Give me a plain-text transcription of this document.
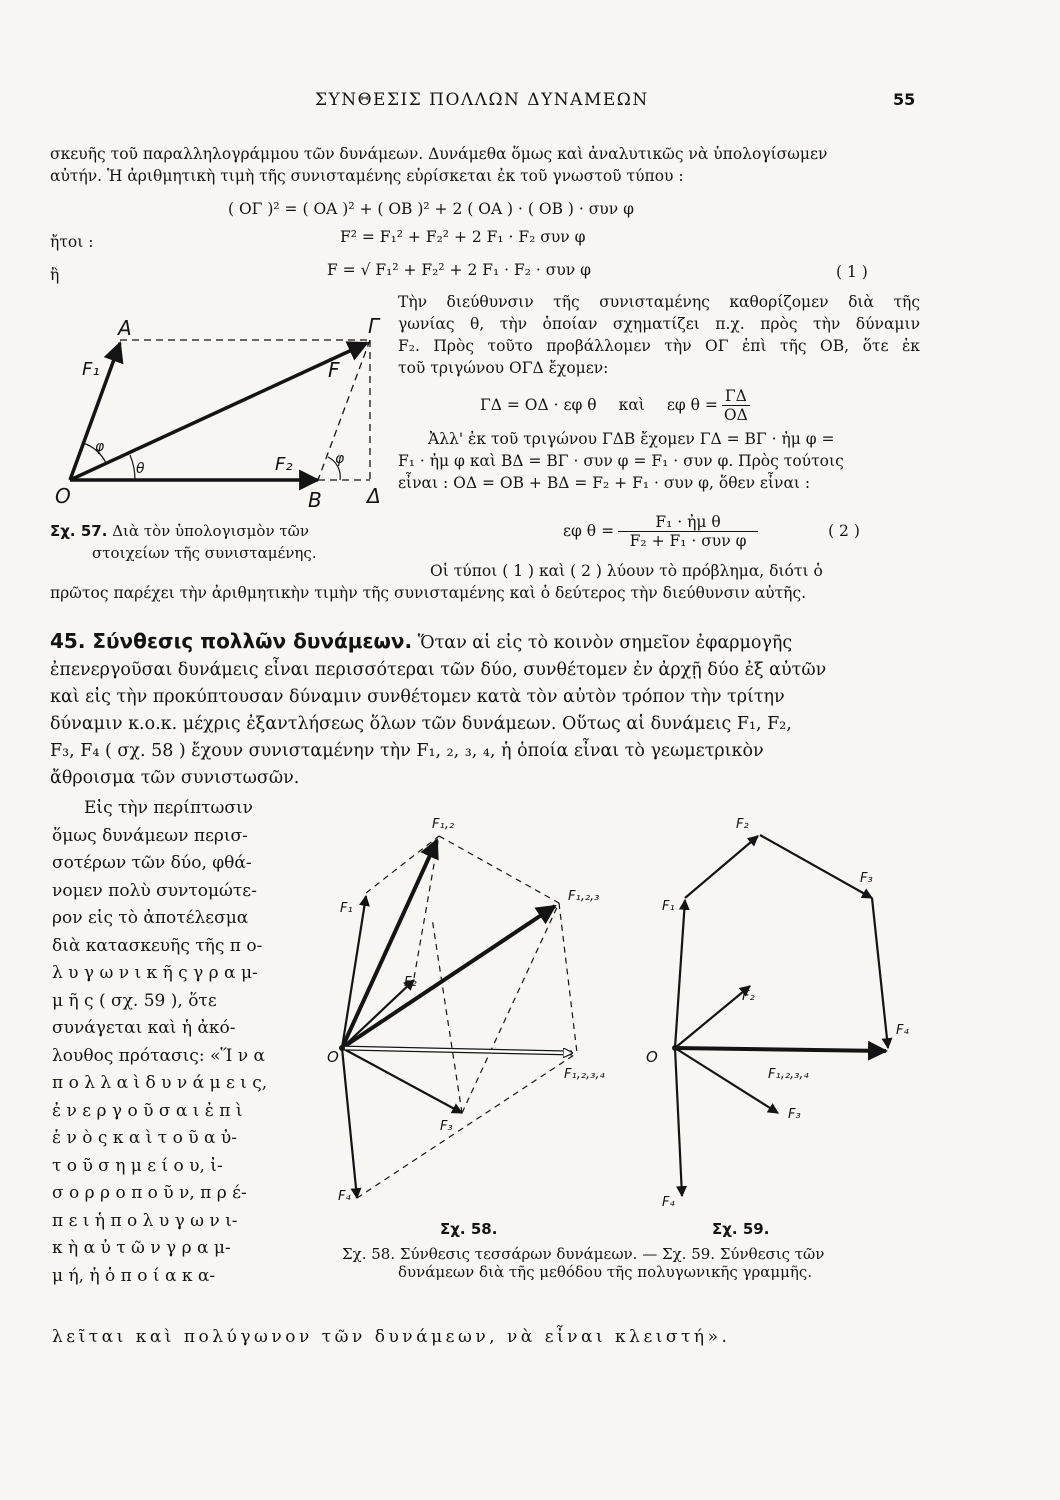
ΣΥΝΘΕΣΙΣ ΠΟΛΛΩΝ ΔΥΝΑΜΕΩΝ	55
σκευῆς τοῦ παραλληλογράμμου τῶν δυνάμεων. Δυνάμεθα ὅμως καὶ ἀναλυτικῶς νὰ ὑπολογίσωμεν
αὐτήν. Ἡ ἀριθμητικὴ τιμὴ τῆς συνισταμένης εὑρίσκεται ἐκ τοῦ γνωστοῦ τύπου :
( ΟΓ )² = ( ΟΑ )² + ( ΟΒ )² + 2 ( ΟΑ ) · ( ΟΒ ) · συν φ
ἤτοι :	F² = F₁² + F₂² + 2 F₁ · F₂ συν φ
ἢ	F = √ F₁² + F₂² + 2 F₁ · F₂ · συν φ	( 1 )
A	Γ
F₁	F
F₂
φ
θ
φ
O	B Δ
Σχ. 57. Διὰ τὸν ὑπολογισμὸν τῶν
στοιχείων τῆς συνισταμένης.
Τὴν διεύθυνσιν τῆς συνισταμένης καθορίζομεν διὰ τῆς
γωνίας θ, τὴν ὁποίαν σχηματίζει π.χ. πρὸς τὴν δύναμιν
F₂. Πρὸς τοῦτο προβάλλομεν τὴν ΟΓ ἐπὶ τῆς ΟΒ, ὅτε ἐκ
τοῦ τριγώνου ΟΓΔ ἔχομεν:
ΓΔ = ΟΔ · εφ θ καὶ εφ $\theta = \frac{\Gamma\Delta}{O\Delta}$
Ἀλλ' ἐκ τοῦ τριγώνου ΓΔΒ ἔχομεν ΓΔ = ΒΓ · ἠμ φ =
F₁ · ἠμ φ καὶ ΒΔ = ΒΓ · συν φ = F₁ · συν φ. Πρὸς τούτοις
εἶναι : ΟΔ = ΟΒ + ΒΔ = F₂ + F₁ · συν φ, ὅθεν εἶναι :
εφ $\theta = \frac{\text{F₁ · ἠμ θ}}{\text{F₂ + F₁ · συν φ}}$	( 2 )
Οἱ τύποι ( 1 ) καὶ ( 2 ) λύουν τὸ πρόβλημα, διότι ὁ
πρῶτος παρέχει τὴν ἀριθμητικὴν τιμὴν τῆς συνισταμένης καὶ ὁ δεύτερος τὴν διεύθυνσιν αὐτῆς.
45. Σύνθεσις πολλῶν δυνάμεων. Ὅταν αἱ εἰς τὸ κοινὸν σημεῖον ἐφαρμογῆς
ἐπενεργοῦσαι δυνάμεις εἶναι περισσότεραι τῶν δύο, συνθέτομεν ἐν ἀρχῇ δύο ἐξ αὐτῶν
καὶ εἰς τὴν προκύπτουσαν δύναμιν συνθέτομεν κατὰ τὸν αὐτὸν τρόπον τὴν τρίτην
δύναμιν κ.ο.κ. μέχρις ἐξαντλήσεως ὅλων τῶν δυνάμεων. Οὕτως αἱ δυνάμεις F₁, F₂,
F₃, F₄ ( σχ. 58 ) ἔχουν συνισταμένην τὴν F₁, ₂, ₃, ₄, ἡ ὁποία εἶναι τὸ γεωμετρικὸν
ἄθροισμα τῶν συνιστωσῶν.
Εἰς τὴν περίπτωσιν
ὅμως δυνάμεων περισ-
σοτέρων τῶν δύο, φθά-
νομεν πολὺ συντομώτε-
ρον εἰς τὸ ἀποτέλεσμα
διὰ κατασκευῆς τῆς π ο-
λ υ γ ω ν ι κ ῆ ς γ ρ α μ-
μ ῆ ς ( σχ. 59 ), ὅτε
συνάγεται καὶ ἡ ἀκό-
λουθος πρότασις: «Ἵ ν α
π ο λ λ α ὶ δ υ ν ά μ ε ι ς,
ἐ ν ε ρ γ ο ῦ σ α ι ἐ π ὶ
ἑ ν ὸ ς κ α ὶ τ ο ῦ α ὐ-
τ ο ῦ σ η μ ε ί ο υ, ἰ-
σ ο ρ ρ ο π ο ῦ ν, π ρ έ-
π ε ι ἡ π ο λ υ γ ω ν ι-
κ ὴ α ὐ τ ῶ ν γ ρ α μ-
μ ή, ἡ ὁ π ο ί α κ α-
λεῖται καὶ πολύγωνον τῶν δυνάμεων, νὰ εἶναι κλειστή».
F₁,₂
F₁,₂,₃
F₁,₂,₃,₄
F₁
F₂
F₃
F₄
O
Σχ. 58.
F₁
F₂
F₃
F₄
F₂
F₃
F₄
F₁,₂,₃,₄
O
Σχ. 59.
Σχ. 58. Σύνθεσις τεσσάρων δυνάμεων. — Σχ. 59. Σύνθεσις τῶν
δυνάμεων διὰ τῆς μεθόδου τῆς πολυγωνικῆς γραμμῆς.
